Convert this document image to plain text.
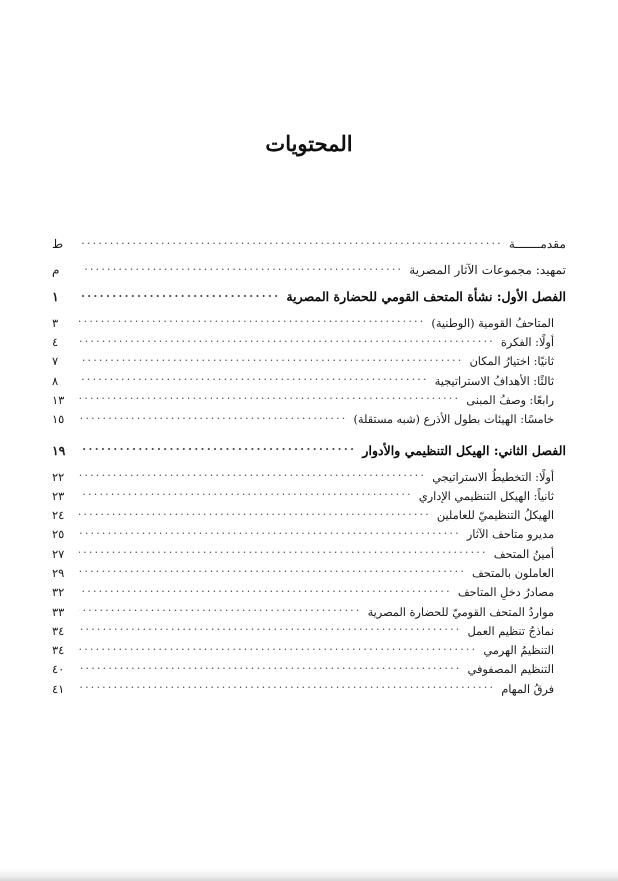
المحتويات
مقدمـــــــة
.....
ط
تمهيد: مجموعات الآثار المصرية
.....
م
الفصل الأول: نشأة المتحف القومي للحضارة المصرية
.....
١
المتاحفُ القومية (الوطنية)
.....
٣
أولًا: الفكرة
.....
٤
ثانيًا: اختيارُ المكان
.....
٧
ثالثًا: الأهدافُ الاستراتيجية
.....
٨
رابعًا: وصفُ المبنى
.....
١٣
خامسًا: الهيئات بطول الأذرع (شبه مستقلة)
.....
١٥
الفصل الثاني: الهيكل التنظيمي والأدوار
.....
١٩
أولًا: التخطيطُ الاستراتيجي
.....
٢٢
ثانياً: الهيكل التنظيمي الإداري
.....
٢٣
الهيكلُ التنظيميّ للعاملين
.....
٢٤
مديرو متاحف الآثار
.....
٢٥
أمينُ المتحف
.....
٢٧
العاملون بالمتحف
.....
٢٩
مصادرُ دخلِ المتاحف
.....
٣٢
مواردُ المتحف القوميّ للحضارة المصرية
.....
٣٣
نماذجُ تنظيم العمل
.....
٣٤
التنظيمُ الهرمي
.....
٣٤
التنظيم المصفوفي
.....
٤٠
فرقُ المهام
.....
٤١
